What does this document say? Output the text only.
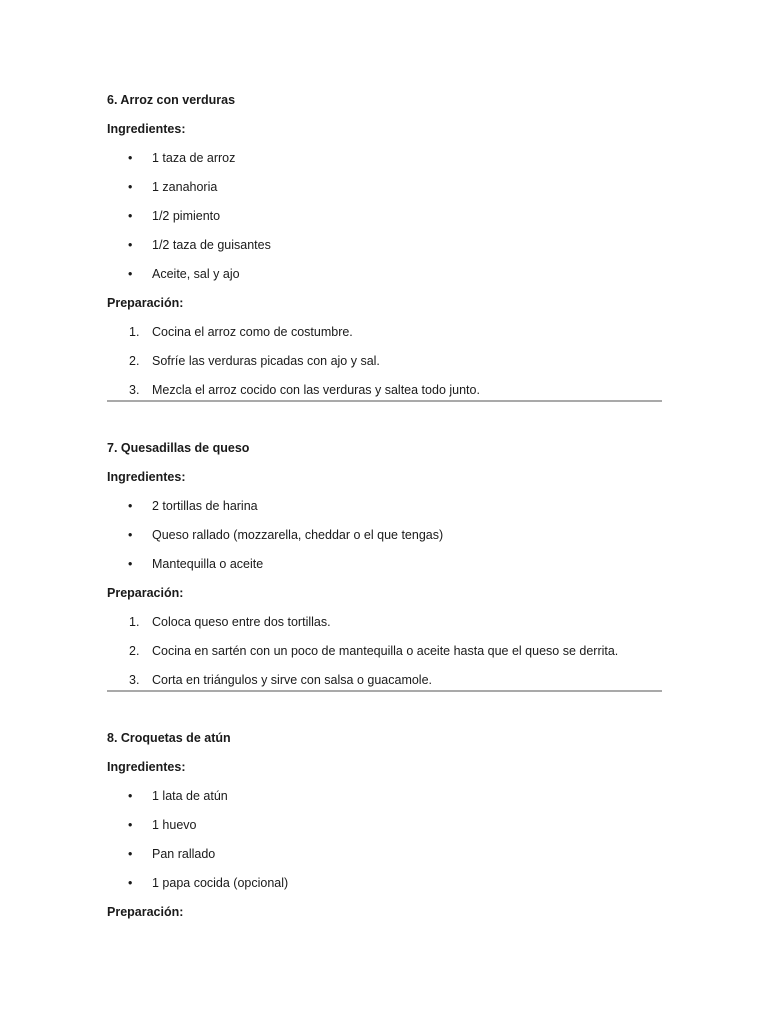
6. Arroz con verduras

Ingredientes:

• 1 taza de arroz
• 1 zanahoria
• 1/2 pimiento
• 1/2 taza de guisantes
• Aceite, sal y ajo

Preparación:

1. Cocina el arroz como de costumbre.
2. Sofríe las verduras picadas con ajo y sal.
3. Mezcla el arroz cocido con las verduras y saltea todo junto.

7. Quesadillas de queso

Ingredientes:

• 2 tortillas de harina
• Queso rallado (mozzarella, cheddar o el que tengas)
• Mantequilla o aceite

Preparación:

1. Coloca queso entre dos tortillas.
2. Cocina en sartén con un poco de mantequilla o aceite hasta que el queso se derrita.
3. Corta en triángulos y sirve con salsa o guacamole.

8. Croquetas de atún

Ingredientes:

• 1 lata de atún
• 1 huevo
• Pan rallado
• 1 papa cocida (opcional)

Preparación:
